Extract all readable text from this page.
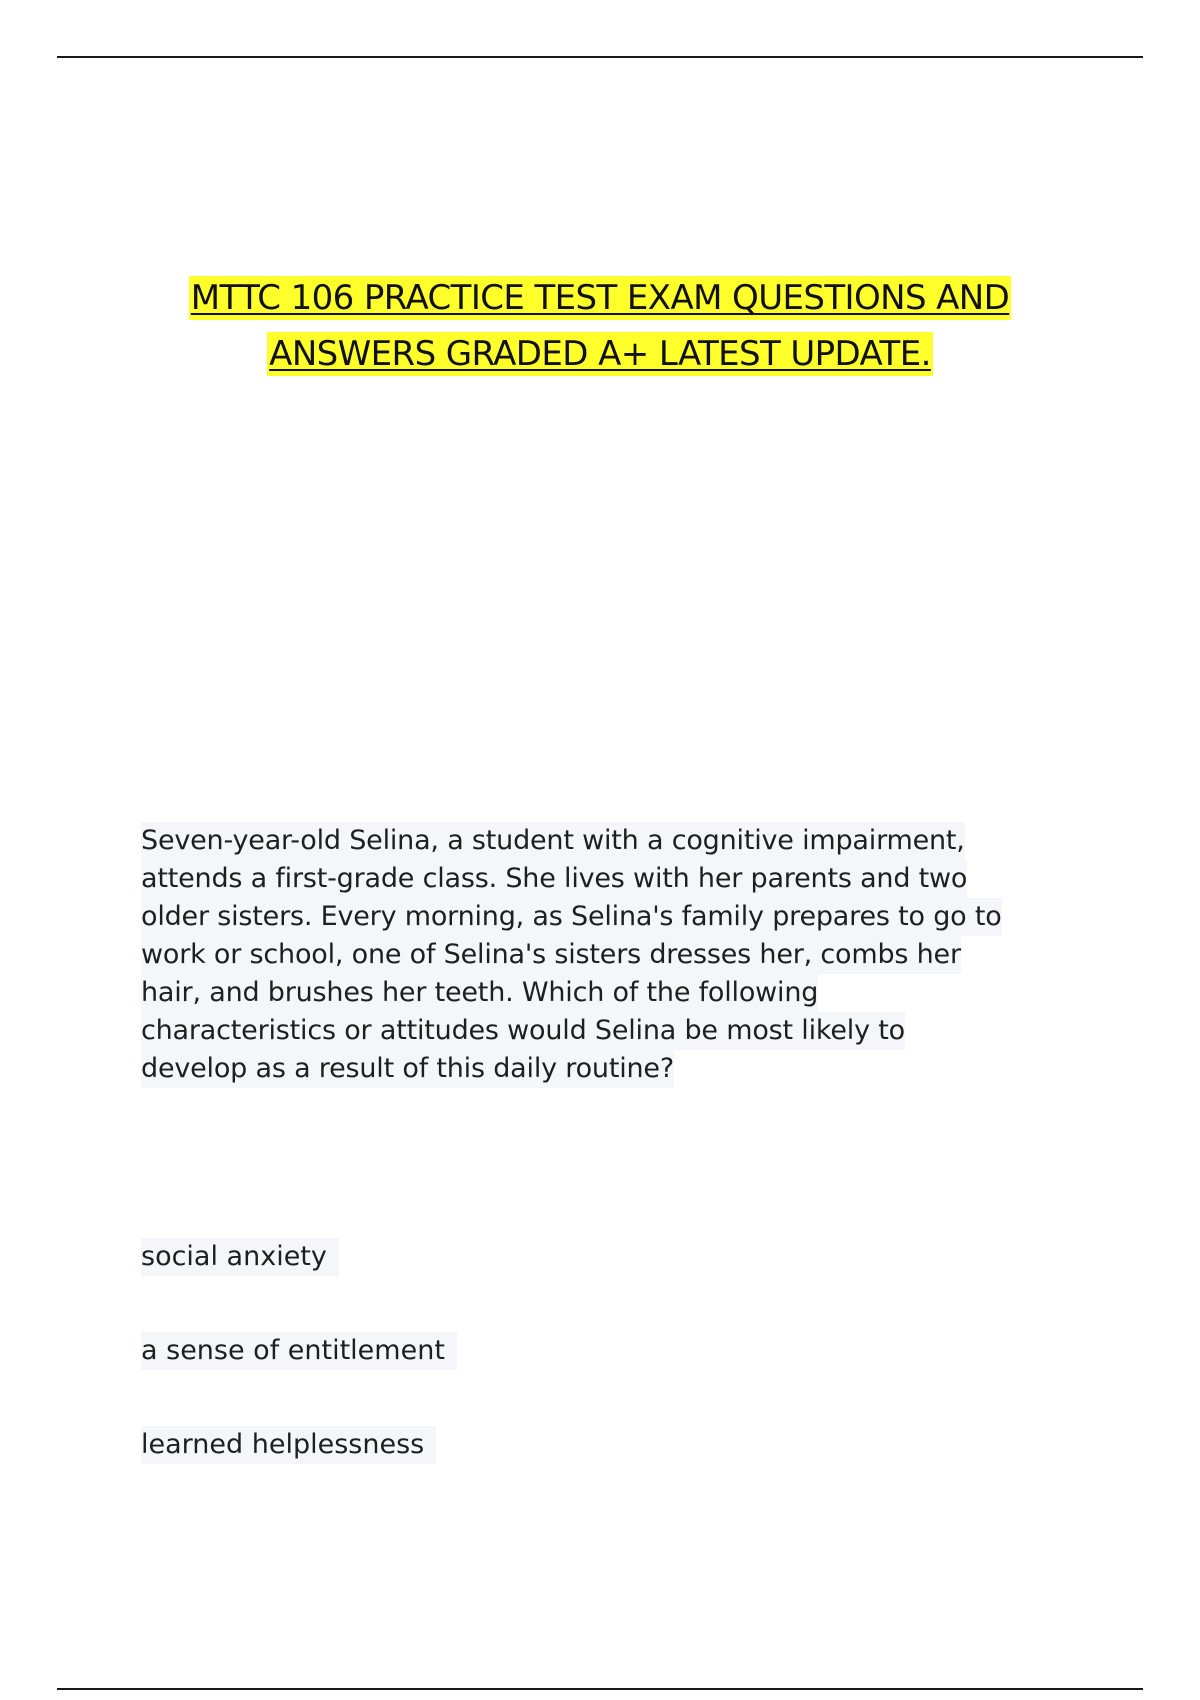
MTTC 106 PRACTICE TEST EXAM QUESTIONS AND
ANSWERS GRADED A+ LATEST UPDATE.
Seven-year-old Selina, a student with a cognitive impairment,
attends a first-grade class. She lives with her parents and two
older sisters. Every morning, as Selina's family prepares to go to
work or school, one of Selina's sisters dresses her, combs her
hair, and brushes her teeth. Which of the following
characteristics or attitudes would Selina be most likely to
develop as a result of this daily routine?
social anxiety
a sense of entitlement
learned helplessness
